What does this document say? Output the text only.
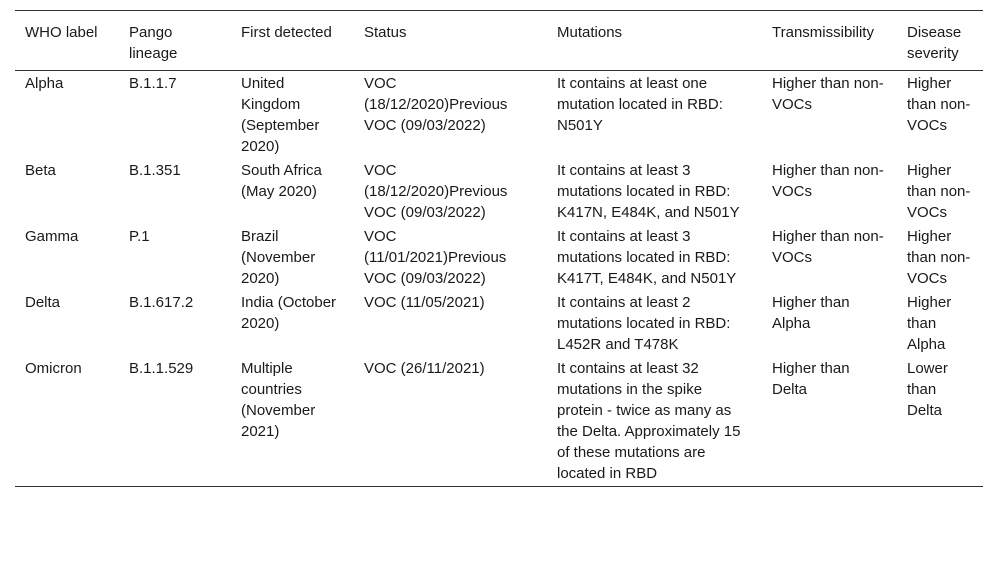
WHO label	Pango lineage	First detected	Status	Mutations	Transmissibility	Disease severity
Alpha	B.1.1.7	United Kingdom (September 2020)	VOC (18/12/2020)Previous VOC (09/03/2022)	It contains at least one mutation located in RBD: N501Y	Higher than non-VOCs	Higher than non-VOCs
Beta	B.1.351	South Africa (May 2020)	VOC (18/12/2020)Previous VOC (09/03/2022)	It contains at least 3 mutations located in RBD: K417N, E484K, and N501Y	Higher than non-VOCs	Higher than non-VOCs
Gamma	P.1	Brazil (November 2020)	VOC (11/01/2021)Previous VOC (09/03/2022)	It contains at least 3 mutations located in RBD: K417T, E484K, and N501Y	Higher than non-VOCs	Higher than non-VOCs
Delta	B.1.617.2	India (October 2020)	VOC (11/05/2021)	It contains at least 2 mutations located in RBD: L452R and T478K	Higher than Alpha	Higher than Alpha
Omicron	B.1.1.529	Multiple countries (November 2021)	VOC (26/11/2021)	It contains at least 32 mutations in the spike protein - twice as many as the Delta. Approximately 15 of these mutations are located in RBD	Higher than Delta	Lower than Delta
